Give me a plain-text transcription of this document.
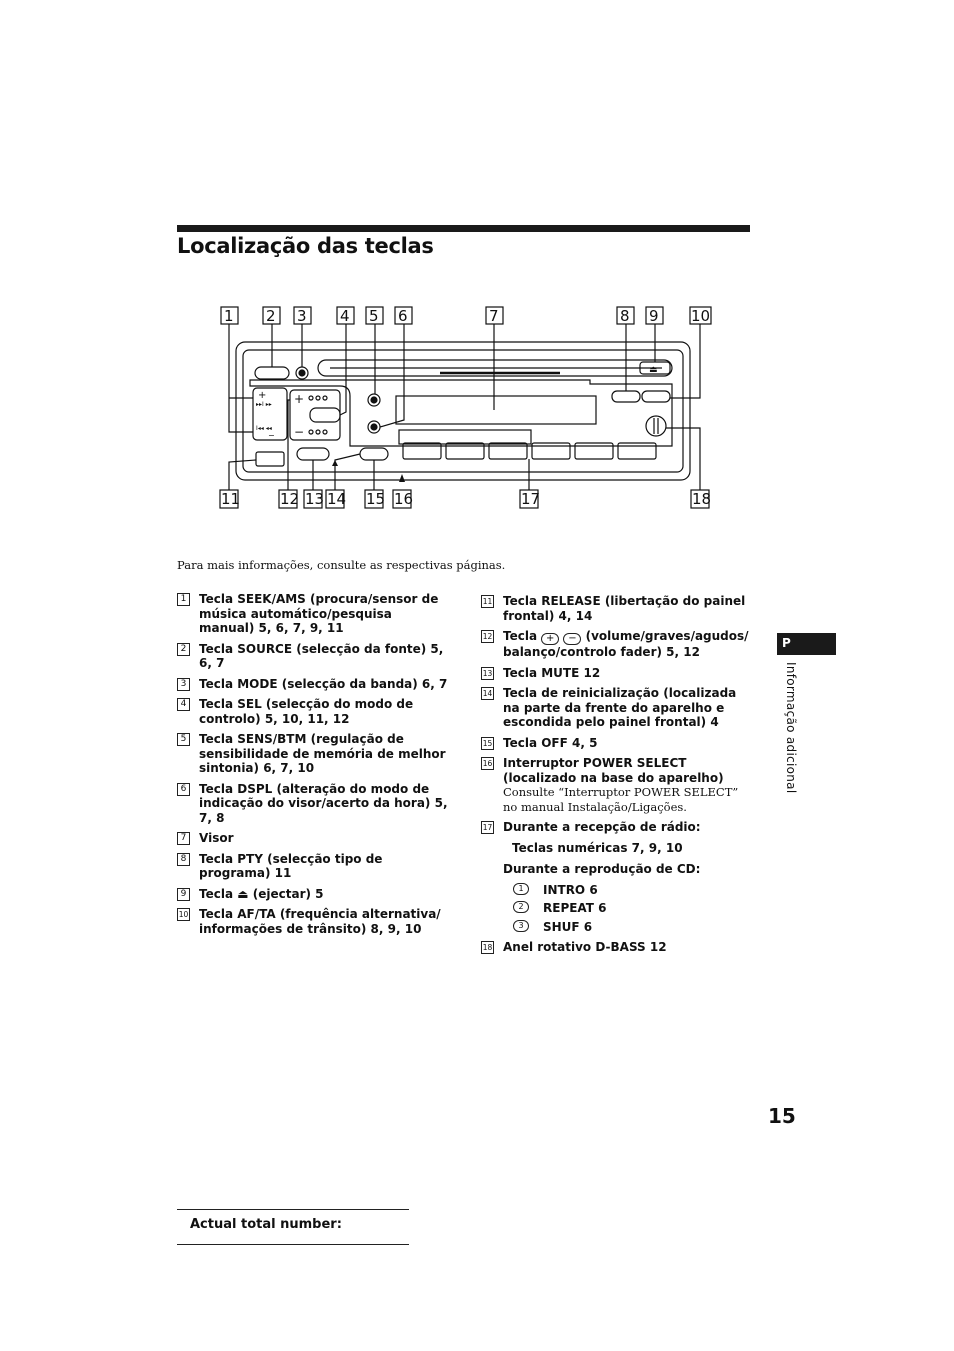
Localização das teclas
1 2 3 4 5 6	7	8 9 10
11	12 13 14 15 16	17	18
+
▸▸I ▸▸
I◂◂ ◂◂
−
+
−
⏏

Para mais informações, consulte as respectivas páginas.

1	Tecla SEEK/AMS (procura/sensor de música automático/pesquisa manual) 5, 6, 7, 9, 11
2	Tecla SOURCE (selecção da fonte) 5, 6, 7
3	Tecla MODE (selecção da banda) 6, 7
4	Tecla SEL (selecção do modo de controlo) 5, 10, 11, 12
5	Tecla SENS/BTM (regulação de sensibilidade de memória de melhor sintonia) 6, 7, 10
6	Tecla DSPL (alteração do modo de indicação do visor/acerto da hora) 5, 7, 8
7	Visor
8	Tecla PTY (selecção tipo de programa) 11
9	Tecla ⏏ (ejectar) 5
10 Tecla AF/TA (frequência alternativa/ informações de trânsito) 8, 9, 10
11 Tecla RELEASE (libertação do painel frontal) 4, 14
12 Tecla + − (volume/graves/agudos/ balanço/controlo fader) 5, 12
13 Tecla MUTE 12
14 Tecla de reinicialização (localizada na parte da frente do aparelho e escondida pelo painel frontal) 4
15 Tecla OFF 4, 5
16 Interruptor POWER SELECT (localizado na base do aparelho)
Consulte “Interruptor POWER SELECT” no manual Instalação/Ligações.
17 Durante a recepção de rádio:
Teclas numéricas 7, 9, 10
Durante a reprodução de CD:
1	INTRO 6
2	REPEAT 6
3	SHUF 6
18 Anel rotativo D-BASS 12
P
Informação adicional
15
Actual total number:
